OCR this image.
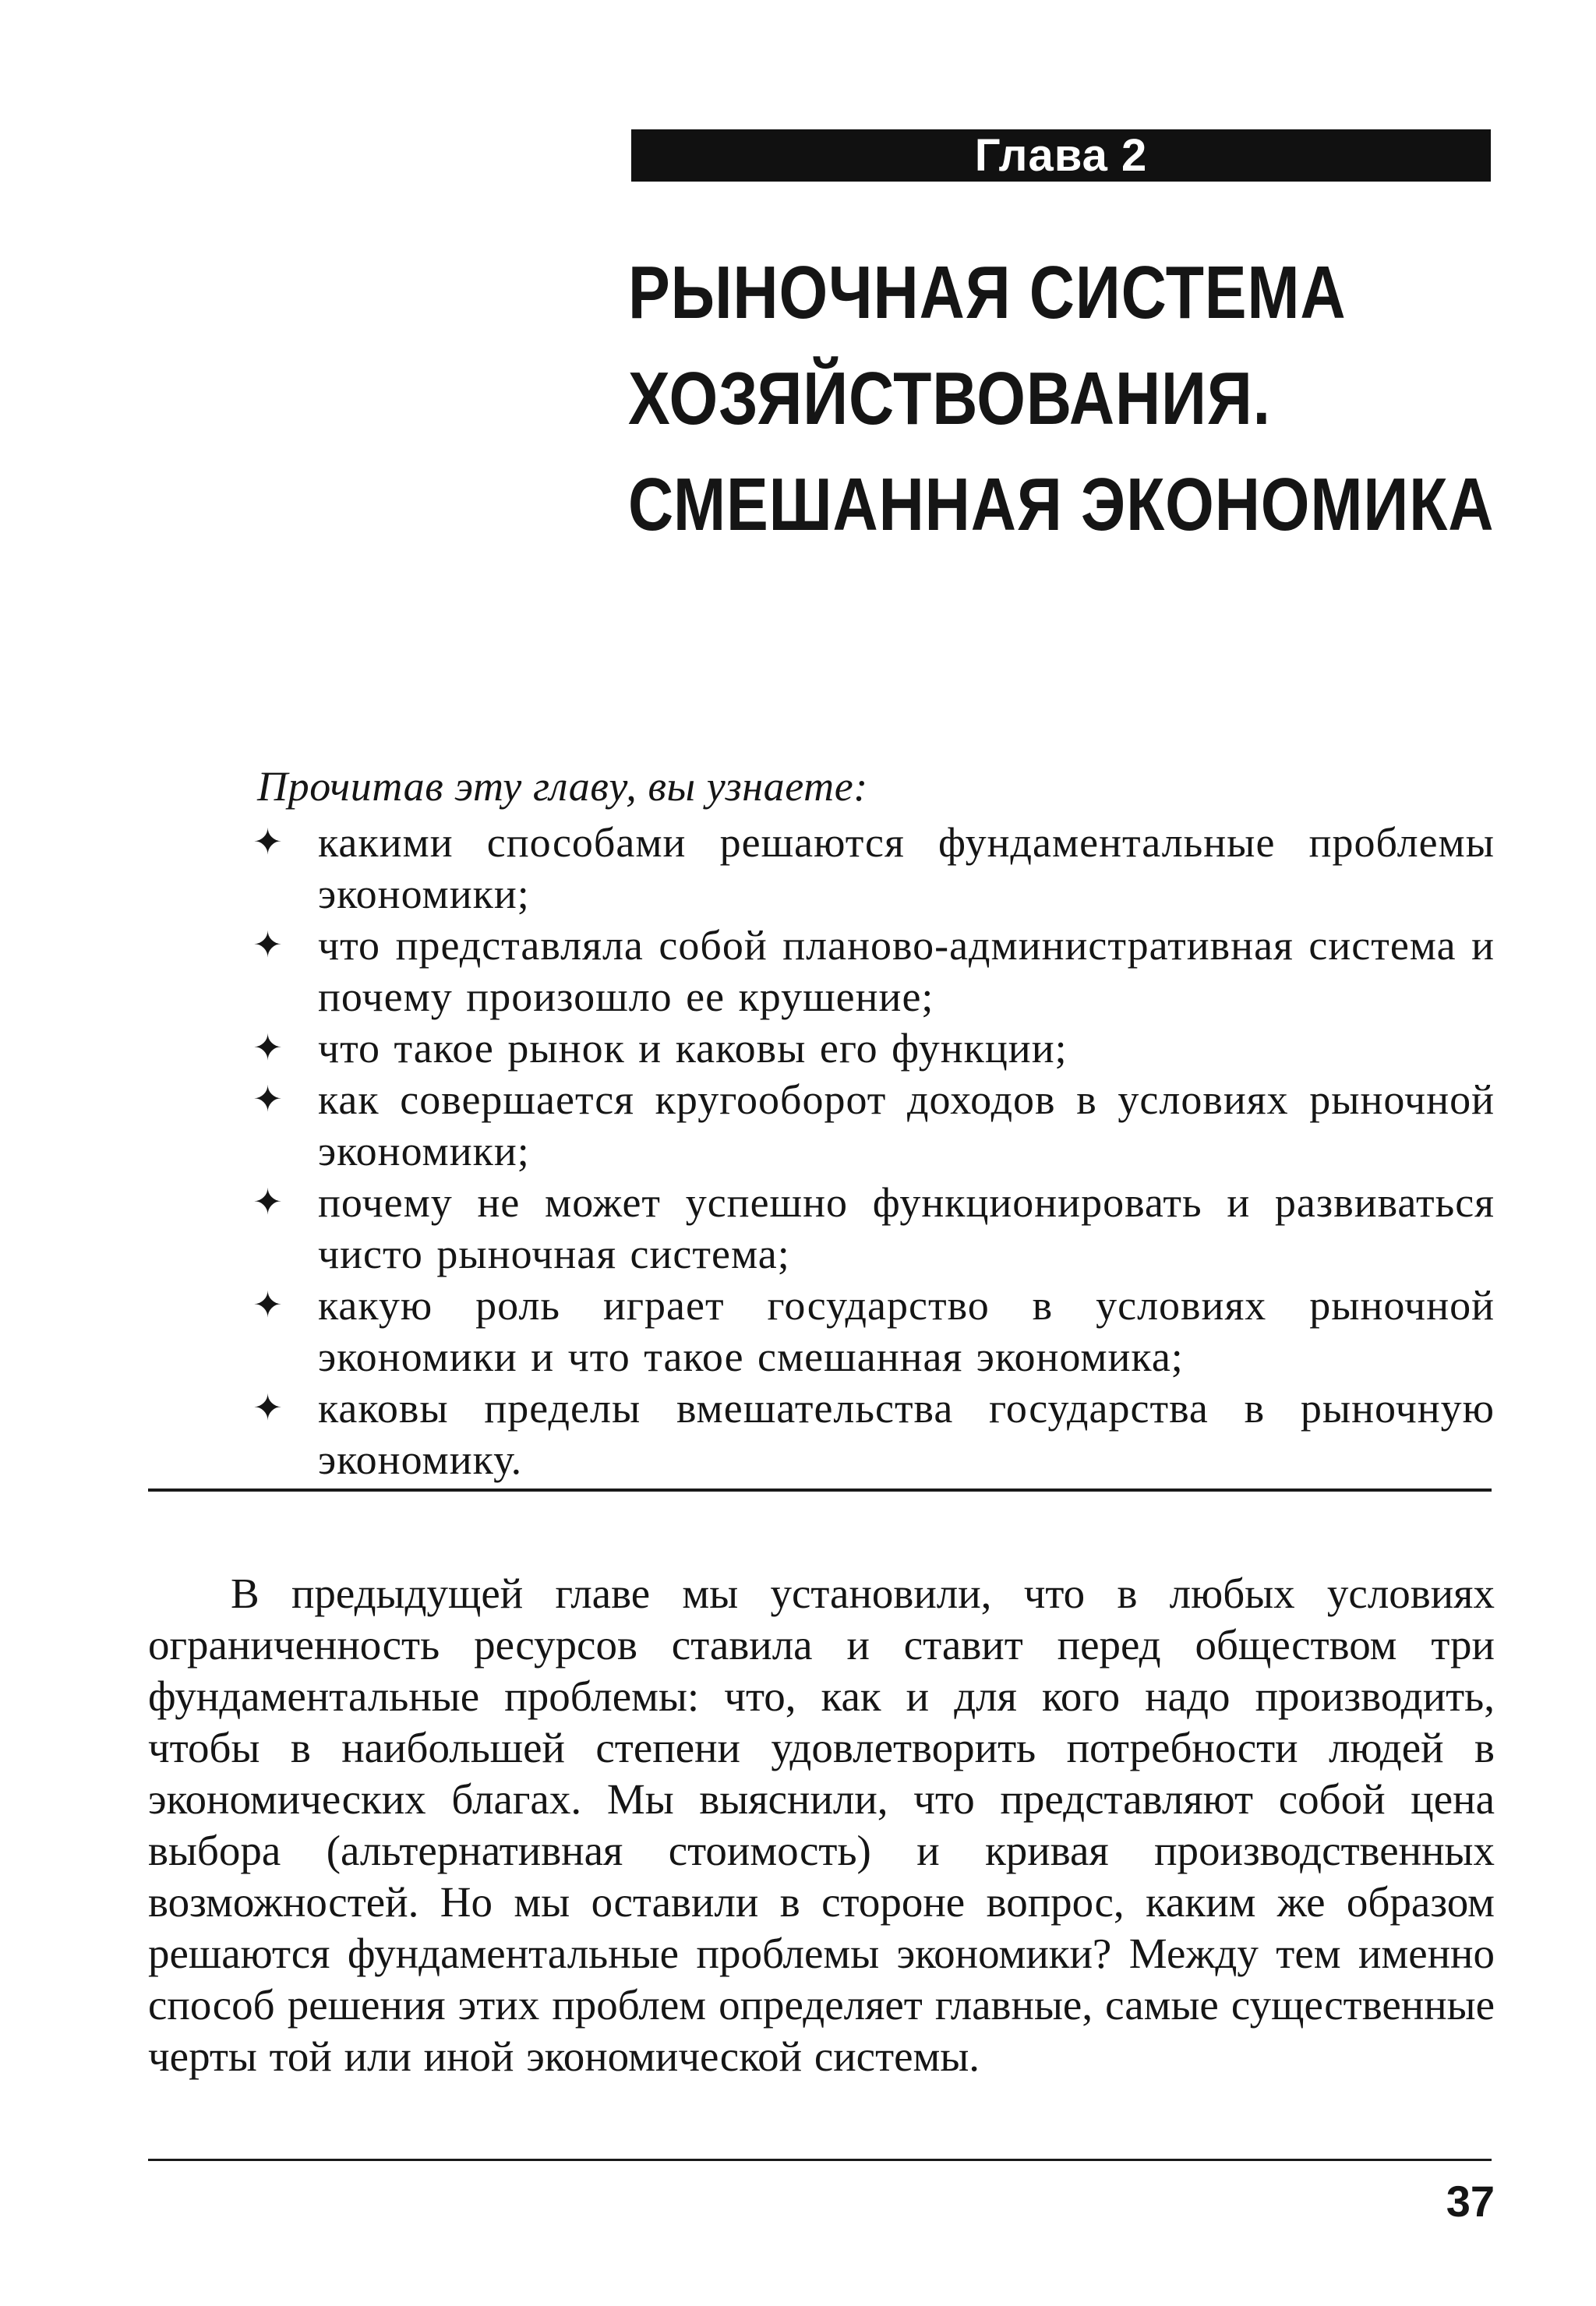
Глава 2
РЫНОЧНАЯ СИСТЕМА
ХОЗЯЙСТВОВАНИЯ.
СМЕШАННАЯ ЭКОНОМИКА
Прочитав эту главу, вы узнаете:
✦ какими способами решаются фундаментальные проблемы экономики;
✦ что представляла собой планово-административная система и почему произошло ее крушение;
✦ что такое рынок и каковы его функции;
✦ как совершается кругооборот доходов в условиях рыночной экономики;
✦ почему не может успешно функционировать и развиваться чисто рыночная система;
✦ какую роль играет государство в условиях рыночной экономики и что такое смешанная экономика;
✦ каковы пределы вмешательства государства в рыночную экономику.

В предыдущей главе мы установили, что в любых условиях ограниченность ресурсов ставила и ставит перед обществом три фундаментальные проблемы: что, как и для кого надо производить, чтобы в наибольшей степени удовлетворить потребности людей в экономических благах. Мы выяснили, что представляют собой цена выбора (альтернативная стоимость) и кривая производственных возможностей. Но мы оставили в стороне вопрос, каким же образом решаются фундаментальные проблемы экономики? Между тем именно способ решения этих проблем определяет главные, самые существенные черты той или иной экономической системы.

37
